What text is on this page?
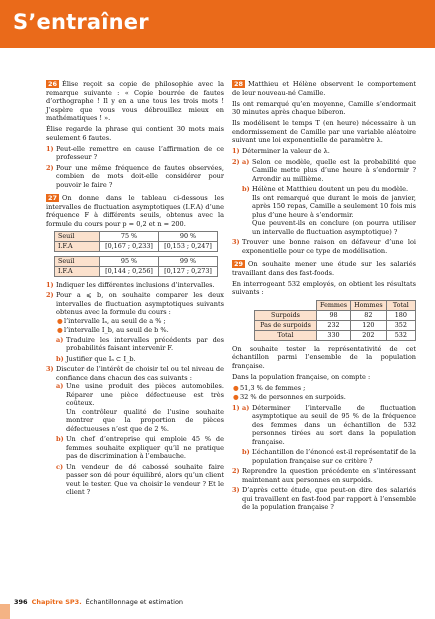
S’entraîner

26 Élise reçoit sa copie de philosophie avec la remarque suivante : « Copie bourrée de fautes d’orthographe ! Il y en a une tous les trois mots ! J’espère que vous vous débrouillez mieux en mathématiques ! ».

Élise regarde la phrase qui contient 30 mots mais seulement 6 fautes.

1) Peut-elle remettre en cause l’affirmation de ce professeur ?
2) Pour une même fréquence de fautes observées, combien de mots doit-elle considérer pour pouvoir le faire ?

27 On donne dans le tableau ci-dessous les intervalles de fluctuation asymptotiques (I.F.A) d’une fréquence F à différents seuils, obtenus avec la formule du cours pour p = 0,2 et n = 200.

Seuil	75 %	90 %
I.F.A	[0,167 ; 0,233]	[0,153 ; 0,247]
Seuil	95 %	99 %
I.F.A	[0,144 ; 0,256]	[0,127 ; 0,273]
1) Indiquer les différentes inclusions d’intervalles.
2) Pour a ⩽ b, on souhaite comparer les deux intervalles de fluctuation asymptotiques suivants obtenus avec la formule du cours :
● l’intervalle Iₐ, au seuil de a % ;
● l’intervalle I_b, au seuil de b %.
a) Traduire les intervalles précédents par des probabilités faisant intervenir F.
b) Justifier que Iₐ ⊂ I_b.
3) Discuter de l’intérêt de choisir tel ou tel niveau de confiance dans chacun des cas suivants :
a) Une usine produit des pièces automobiles. Réparer une pièce défectueuse est très coûteux.
Un contrôleur qualité de l’usine souhaite montrer que la proportion de pièces défectueuses n’est que de 2 %.
b) Un chef d’entreprise qui emploie 45 % de femmes souhaite expliquer qu’il ne pratique pas de discrimination à l’embauche.
c) Un vendeur de dé cabossé souhaite faire passer son dé pour équilibré, alors qu’un client veut le tester. Que va choisir le vendeur ? Et le client ?

28 Matthieu et Hélène observent le comportement de leur nouveau-né Camille.

Ils ont remarqué qu’en moyenne, Camille s’endormait 30 minutes après chaque biberon.

Ils modélisent le temps T (en heure) nécessaire à un endormissement de Camille par une variable aléatoire suivant une loi exponentielle de paramètre λ.

1) Déterminer la valeur de λ.
2) a) Selon ce modèle, quelle est la probabilité que Camille mette plus d’une heure à s’endormir ? Arrondir au millième.
b) Hélène et Matthieu doutent un peu du modèle.
Ils ont remarqué que durant le mois de janvier, après 150 repas, Camille a seulement 10 fois mis plus d’une heure à s’endormir.
Que peuvent-ils en conclure (on pourra utiliser un intervalle de fluctuation asymptotique) ?
3) Trouver une bonne raison en défaveur d’une loi exponentielle pour ce type de modélisation.

29 On souhaite mener une étude sur les salariés travaillant dans des fast-foods.

En interrogeant 532 employés, on obtient les résultats suivants :

	Femmes	Hommes	Total
Surpoids	98	82	180
Pas de surpoids	232	120	352
Total	330	202	532

On souhaite tester la représentativité de cet échantillon parmi l’ensemble de la population française.

Dans la population française, on compte :

● 51,3 % de femmes ;
● 32 % de personnes en surpoids.
1) a) Déterminer l’intervalle de fluctuation asymptotique au seuil de 95 % de la fréquence des femmes dans un échantillon de 532 personnes tirées au sort dans la population française.
b) L’échantillon de l’énoncé est-il représentatif de la population française sur ce critère ?
2) Reprendre la question précédente en s’intéressant maintenant aux personnes en surpoids.
3) D’après cette étude, que peut-on dire des salariés qui travaillent en fast-food par rapport à l’ensemble de la population française ?
396 Chapitre SP3. Échantillonnage et estimation
